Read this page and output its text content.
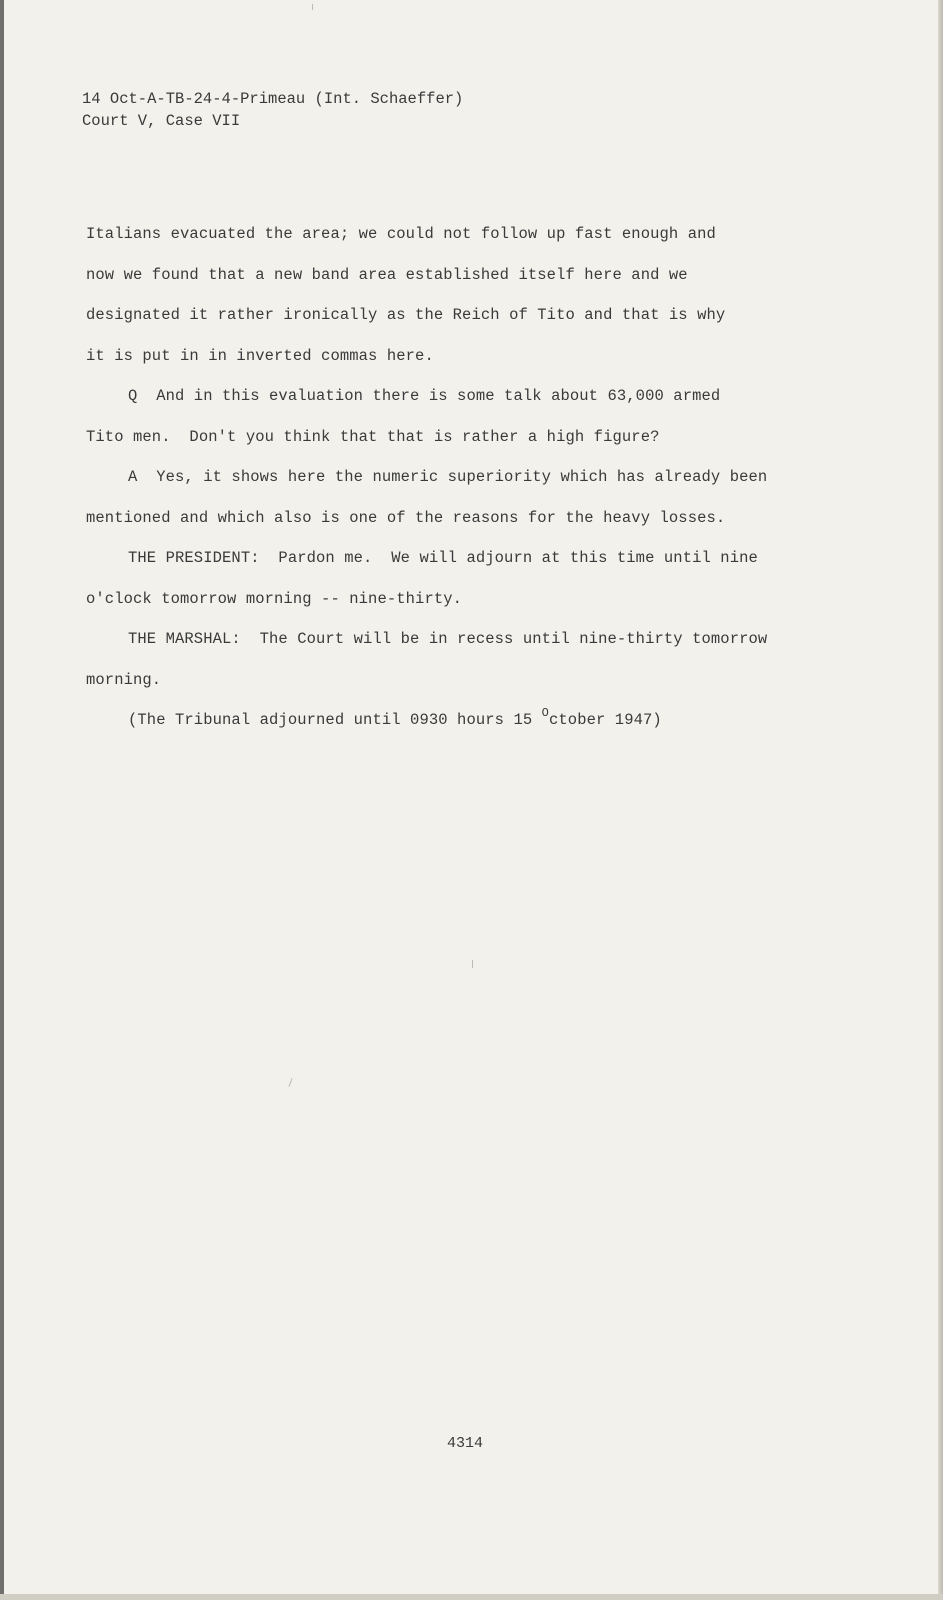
14 Oct-A-TB-24-4-Primeau (Int. Schaeffer)
Court V, Case VII

Italians evacuated the area; we could not follow up fast enough and

now we found that a new band area established itself here and we

designated it rather ironically as the Reich of Tito and that is why

it is put in in inverted commas here.

Q  And in this evaluation there is some talk about 63,000 armed

Tito men.  Don't you think that that is rather a high figure?

A  Yes, it shows here the numeric superiority which has already been

mentioned and which also is one of the reasons for the heavy losses.

THE PRESIDENT:  Pardon me.  We will adjourn at this time until nine

o'clock tomorrow morning -- nine-thirty.

THE MARSHAL:  The Court will be in recess until nine-thirty tomorrow

morning.

(The Tribunal adjourned until 0930 hours 15 $^O$ctober 1947)

4314
